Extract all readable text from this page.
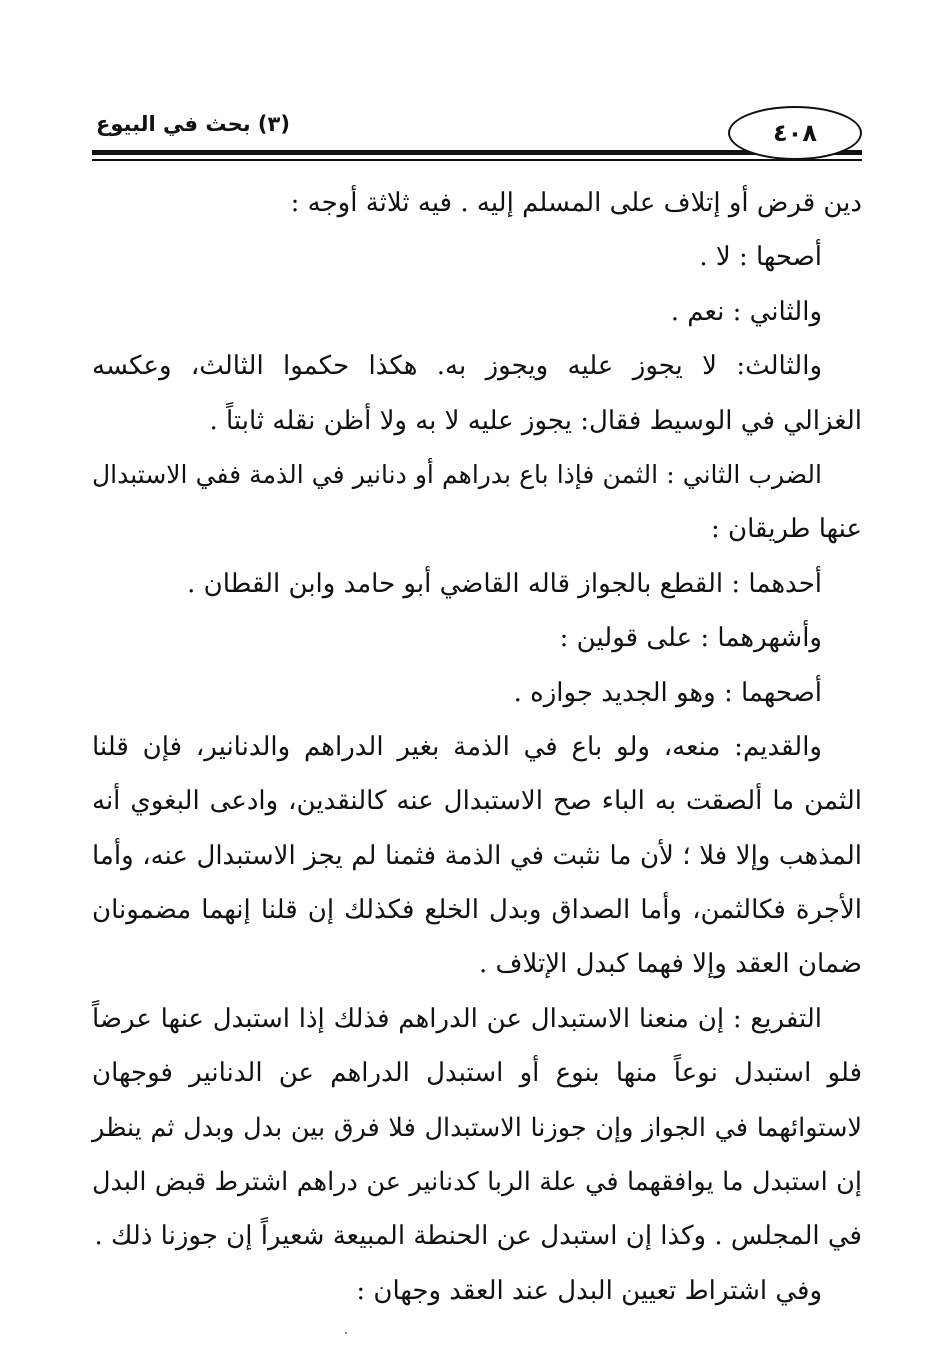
(٣) بحث في البيوع	٤٠٨
دين قرض أو إتلاف على المسلم إليه . فيه ثلاثة أوجه :
أصحها : لا .
والثاني : نعم .
والثالث: لا يجوز عليه ويجوز به. هكذا حكموا الثالث، وعكسه
الغزالي في الوسيط فقال: يجوز عليه لا به ولا أظن نقله ثابتاً .
الضرب الثاني : الثمن فإذا باع بدراهم أو دنانير في الذمة ففي الاستبدال
عنها طريقان :
أحدهما : القطع بالجواز قاله القاضي أبو حامد وابن القطان .
وأشهرهما : على قولين :
أصحهما : وهو الجديد جوازه .
والقديم: منعه، ولو باع في الذمة بغير الدراهم والدنانير، فإن قلنا
الثمن ما ألصقت به الباء صح الاستبدال عنه كالنقدين، وادعى البغوي أنه
المذهب وإلا فلا ؛ لأن ما نثبت في الذمة فثمنا لم يجز الاستبدال عنه، وأما
الأجرة فكالثمن، وأما الصداق وبدل الخلع فكذلك إن قلنا إنهما مضمونان
ضمان العقد وإلا فهما كبدل الإتلاف .
التفريع : إن منعنا الاستبدال عن الدراهم فذلك إذا استبدل عنها عرضاً
فلو استبدل نوعاً منها بنوع أو استبدل الدراهم عن الدنانير فوجهان
لاستوائهما في الجواز وإن جوزنا الاستبدال فلا فرق بين بدل وبدل ثم ينظر
إن استبدل ما يوافقهما في علة الربا كدنانير عن دراهم اشترط قبض البدل
في المجلس . وكذا إن استبدل عن الحنطة المبيعة شعيراً إن جوزنا ذلك .
وفي اشتراط تعيين البدل عند العقد وجهان :
